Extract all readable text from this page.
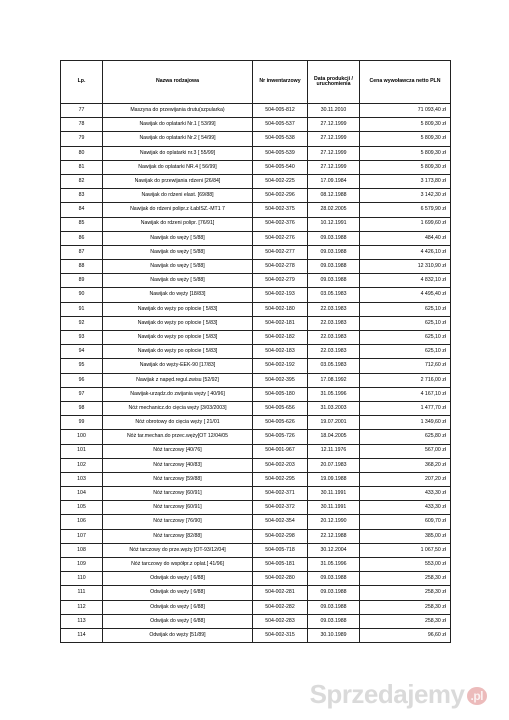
Lp.	Nazwa rodzajowa	Nr inwentarzowy	Data produkcji / uruchomienia	Cena wywoławcza netto PLN
77	Maszyna do przewijania drutu(szpularka)	504-005-812	30.11.2010	71 093,40 zł
78	Nawijak do oplatarki Nr.1 [ 53/99]	504-005-537	27.12.1999	5 809,30 zł
79	Nawijak do oplatarki Nr.2 [ 54/99]	504-005-538	27.12.1999	5 809,30 zł
80	Nawijak do oplatarki nr.3 [ 55/99]	504-005-539	27.12.1999	5 809,30 zł
81	Nawijak do oplatarki NR.4 [ 56/99]	504-005-540	27.12.1999	5 809,30 zł
82	Nawijak do przewijania rdzeni [26/84]	504-002-225	17.09.1984	3 173,80 zł
83	Nawijak do rdzeni elast. [69/88]	504-002-296	08.12.1988	3 142,30 zł
84	Nawijak do rdzeni polipr.z ŁabISZ.-MT1 7	504-002-375	28.02.2005	6 579,90 zł
85	Nawijak do rdzeni polipr. [76/91]	504-002-376	10.12.1991	1 699,60 zł
86	Nawijak do węży [ 5/88]	504-002-276	09.03.1988	484,40 zł
87	Nawijak do węży [ 5/88]	504-002-277	09.03.1988	4 426,10 zł
88	Nawijak do węży [ 5/88]	504-002-278	09.03.1988	12 310,90 zł
89	Nawijak do węży [ 5/88]	504-002-279	09.03.1988	4 832,10 zł
90	Nawijak do węży [18/83]	504-002-193	03.05.1983	4 495,40 zł
91	Nawijak do węży po oplocie [ 5/83]	504-002-180	22.03.1983	625,10 zł
92	Nawijak do węży po oplocie [ 5/83]	504-002-181	22.03.1983	625,10 zł
93	Nawijak do węży po oplocie [ 5/83]	504-002-182	22.03.1983	625,10 zł
94	Nawijak do węży po oplocie [ 5/83]	504-002-183	22.03.1983	625,10 zł
95	Nawijak do węży-EEK-90 [17/83]	504-002-192	03.05.1983	712,60 zł
96	Nawijak z napęd.regul.zwisu [52/92]	504-002-395	17.08.1992	2 716,00 zł
97	Nawijak-urządz.do zwijania węży [ 40/96]	504-005-180	31.05.1996	4 167,10 zł
98	Nóż mechanicz.do cięcia węży [3/03/2003]	504-005-656	31.03.2003	1 477,70 zł
99	Nóż obrotowy do cięcia węży [ 21/01	504-005-626	19.07.2001	1 349,60 zł
100	Nóż tar.mechan.do przec.węży[OT 12/04/05	504-005-726	18.04.2005	625,80 zł
101	Nóż tarczowy [40/76]	504-001-967	12.11.1976	567,00 zł
102	Nóż tarczowy [40/83]	504-002-203	20.07.1983	368,20 zł
103	Nóż tarczowy [59/88]	504-002-295	19.09.1988	207,20 zł
104	Nóż tarczowy [60/91]	504-002-371	30.11.1991	433,30 zł
105	Nóż tarczowy [60/91]	504-002-372	30.11.1991	433,30 zł
106	Nóż tarczowy [76/90]	504-002-354	20.12.1990	609,70 zł
107	Nóż tarczowy [82/88]	504-002-298	22.12.1988	385,00 zł
108	Nóż tarczowy do prze.węży [OT-93/12/04]	504-005-718	30.12.2004	1 067,50 zł
109	Nóż tarczowy do współpr.z oplat.[ 41/96]	504-005-181	31.05.1996	553,00 zł
110	Odwijak do węży [ 6/88]	504-002-280	09.03.1988	258,30 zł
111	Odwijak do węży [ 6/88]	504-002-281	09.03.1988	258,30 zł
112	Odwijak do węży [ 6/88]	504-002-282	09.03.1988	258,30 zł
113	Odwijak do węży [ 6/88]	504-002-283	09.03.1988	258,30 zł
114	Odwijak do węży [51/89]	504-002-315	30.10.1989	96,60 zł
Sprzedajemy .pl
